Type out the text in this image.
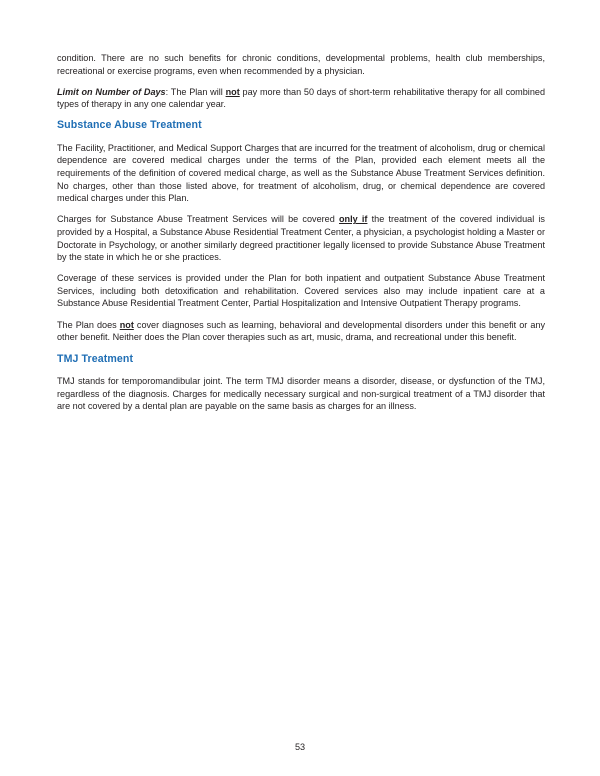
condition. There are no such benefits for chronic conditions, developmental problems, health club memberships, recreational or exercise programs, even when recommended by a physician.

Limit on Number of Days: The Plan will not pay more than 50 days of short-term rehabilitative therapy for all combined types of therapy in any one calendar year.

Substance Abuse Treatment

The Facility, Practitioner, and Medical Support Charges that are incurred for the treatment of alcoholism, drug or chemical dependence are covered medical charges under the terms of the Plan, provided each element meets all the requirements of the definition of covered medical charge, as well as the Substance Abuse Treatment Services definition. No charges, other than those listed above, for treatment of alcoholism, drug, or chemical dependence are covered medical charges under this Plan.

Charges for Substance Abuse Treatment Services will be covered only if the treatment of the covered individual is provided by a Hospital, a Substance Abuse Residential Treatment Center, a physician, a psychologist holding a Master or Doctorate in Psychology, or another similarly degreed practitioner legally licensed to provide Substance Abuse Treatment by the state in which he or she practices.

Coverage of these services is provided under the Plan for both inpatient and outpatient Substance Abuse Treatment Services, including both detoxification and rehabilitation. Covered services also may include inpatient care at a Substance Abuse Residential Treatment Center, Partial Hospitalization and Intensive Outpatient Therapy programs.

The Plan does not cover diagnoses such as learning, behavioral and developmental disorders under this benefit or any other benefit. Neither does the Plan cover therapies such as art, music, drama, and recreational under this benefit.

TMJ Treatment

TMJ stands for temporomandibular joint. The term TMJ disorder means a disorder, disease, or dysfunction of the TMJ, regardless of the diagnosis. Charges for medically necessary surgical and non-surgical treatment of a TMJ disorder that are not covered by a dental plan are payable on the same basis as charges for an illness.

53
